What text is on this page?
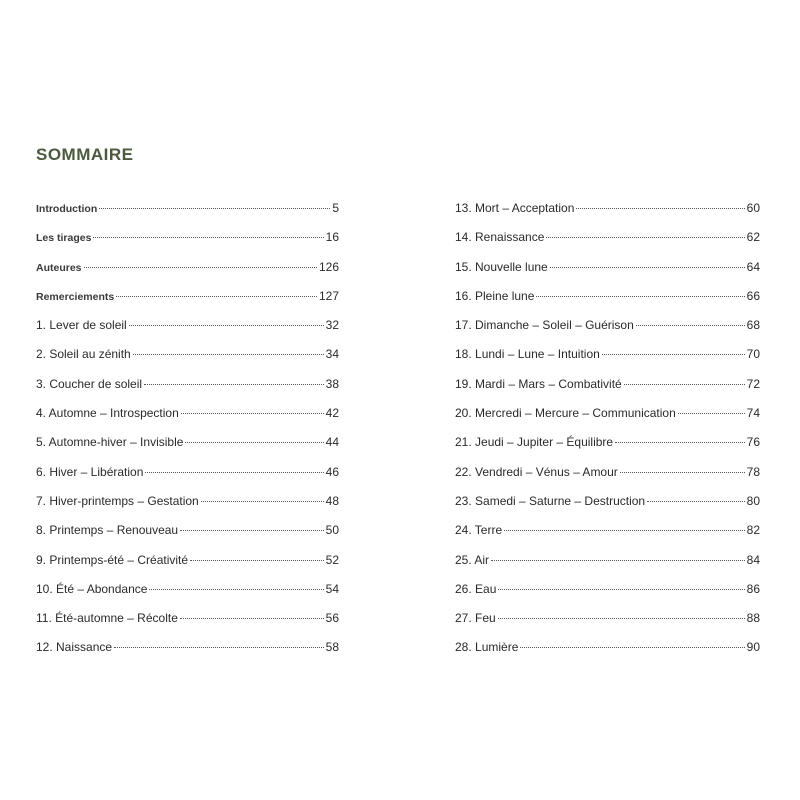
SOMMAIRE
Introduction	5
Les tirages	16
Auteures	126
Remerciements	127
1. Lever de soleil	32
2. Soleil au zénith	34
3. Coucher de soleil	38
4. Automne – Introspection	42
5. Automne-hiver – Invisible	44
6. Hiver – Libération	46
7. Hiver-printemps – Gestation	48
8. Printemps – Renouveau	50
9. Printemps-été – Créativité	52
10. Été – Abondance	54
11. Été-automne – Récolte	56
12. Naissance	58
13. Mort – Acceptation	60
14. Renaissance	62
15. Nouvelle lune	64
16. Pleine lune	66
17. Dimanche – Soleil – Guérison	68
18. Lundi – Lune – Intuition	70
19. Mardi – Mars – Combativité	72
20. Mercredi – Mercure – Communication	74
21. Jeudi – Jupiter – Équilibre	76
22. Vendredi – Vénus – Amour	78
23. Samedi – Saturne – Destruction	80
24. Terre	82
25. Air	84
26. Eau	86
27. Feu	88
28. Lumière	90
